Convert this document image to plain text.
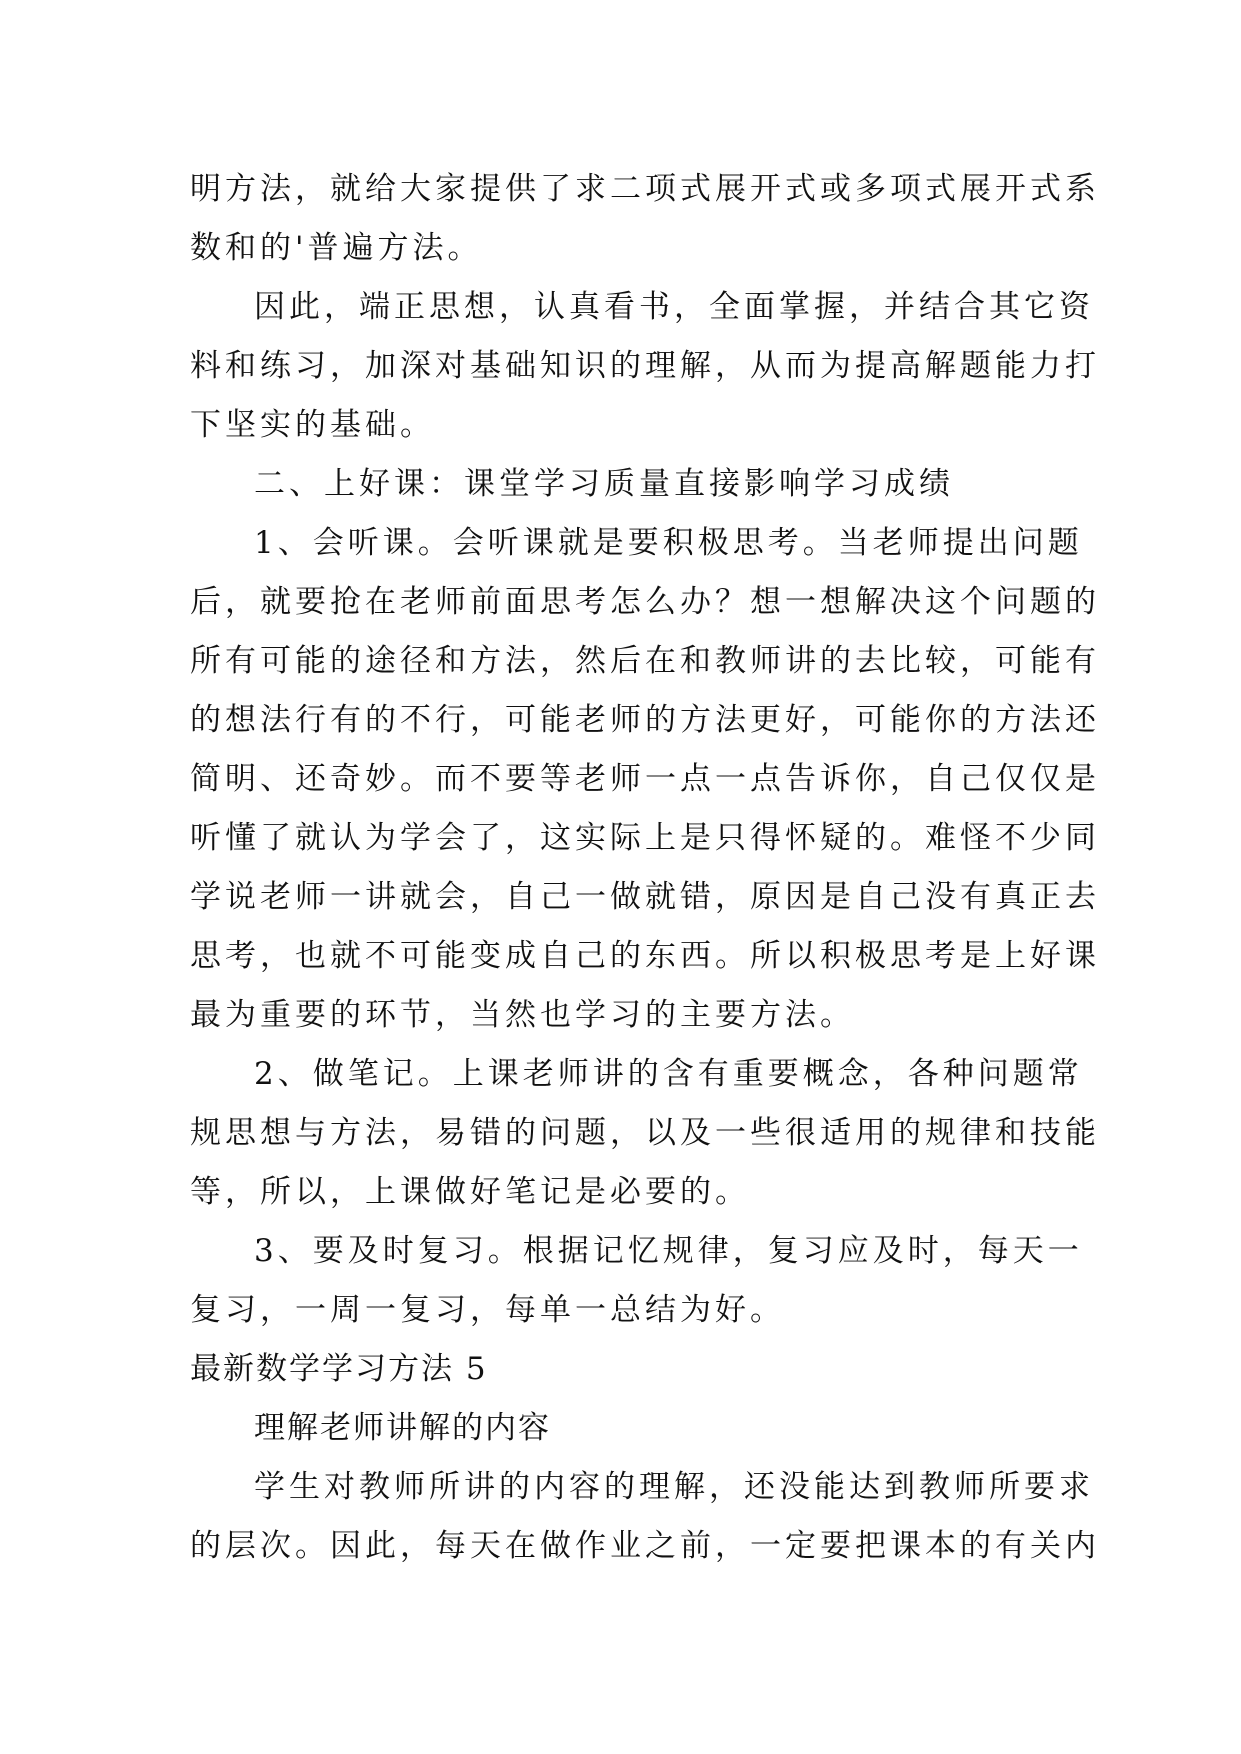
明方法，就给大家提供了求二项式展开式或多项式展开式系
数和的'普遍方法。
因此，端正思想，认真看书，全面掌握，并结合其它资
料和练习，加深对基础知识的理解，从而为提高解题能力打
下坚实的基础。
二、上好课：课堂学习质量直接影响学习成绩
1、会听课。会听课就是要积极思考。当老师提出问题
后，就要抢在老师前面思考怎么办？想一想解决这个问题的
所有可能的途径和方法，然后在和教师讲的去比较，可能有
的想法行有的不行，可能老师的方法更好，可能你的方法还
简明、还奇妙。而不要等老师一点一点告诉你，自己仅仅是
听懂了就认为学会了，这实际上是只得怀疑的。难怪不少同
学说老师一讲就会，自己一做就错，原因是自己没有真正去
思考，也就不可能变成自己的东西。所以积极思考是上好课
最为重要的环节，当然也学习的主要方法。
2、做笔记。上课老师讲的含有重要概念，各种问题常
规思想与方法，易错的问题，以及一些很适用的规律和技能
等，所以，上课做好笔记是必要的。
3、要及时复习。根据记忆规律，复习应及时，每天一
复习，一周一复习，每单一总结为好。
最新数学学习方法 5
理解老师讲解的内容
学生对教师所讲的内容的理解，还没能达到教师所要求
的层次。因此，每天在做作业之前，一定要把课本的有关内
